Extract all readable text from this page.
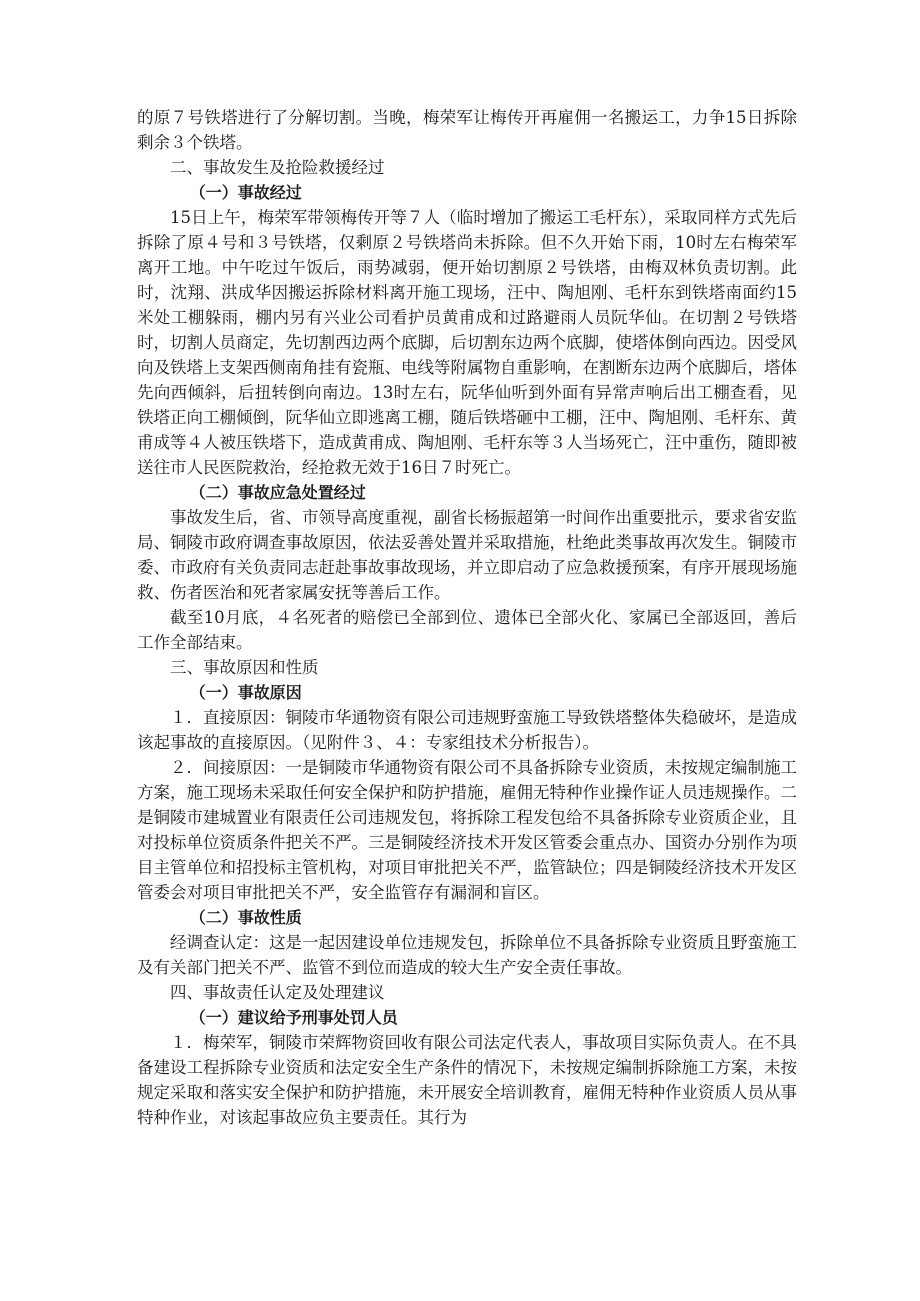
的原７号铁塔进行了分解切割。当晚，梅荣军让梅传开再雇佣一名搬运工，力争15日拆除剩余３个铁塔。

二、事故发生及抢险救援经过

（一）事故经过

15日上午，梅荣军带领梅传开等７人（临时增加了搬运工毛杆东），采取同样方式先后拆除了原４号和３号铁塔，仅剩原２号铁塔尚未拆除。但不久开始下雨，10时左右梅荣军离开工地。中午吃过午饭后，雨势减弱，便开始切割原２号铁塔，由梅双林负责切割。此时，沈翔、洪成华因搬运拆除材料离开施工现场，汪中、陶旭刚、毛杆东到铁塔南面约15米处工棚躲雨，棚内另有兴业公司看护员黄甫成和过路避雨人员阮华仙。在切割２号铁塔时，切割人员商定，先切割西边两个底脚，后切割东边两个底脚，使塔体倒向西边。因受风向及铁塔上支架西侧南角挂有瓷瓶、电线等附属物自重影响，在割断东边两个底脚后，塔体先向西倾斜，后扭转倒向南边。13时左右，阮华仙听到外面有异常声响后出工棚查看，见铁塔正向工棚倾倒，阮华仙立即逃离工棚，随后铁塔砸中工棚，汪中、陶旭刚、毛杆东、黄甫成等４人被压铁塔下，造成黄甫成、陶旭刚、毛杆东等３人当场死亡，汪中重伤，随即被送往市人民医院救治，经抢救无效于16日７时死亡。

（二）事故应急处置经过

事故发生后，省、市领导高度重视，副省长杨振超第一时间作出重要批示，要求省安监局、铜陵市政府调查事故原因，依法妥善处置并采取措施，杜绝此类事故再次发生。铜陵市委、市政府有关负责同志赶赴事故事故现场，并立即启动了应急救援预案，有序开展现场施救、伤者医治和死者家属安抚等善后工作。

截至10月底，４名死者的赔偿已全部到位、遗体已全部火化、家属已全部返回，善后工作全部结束。

三、事故原因和性质

（一）事故原因

１．直接原因：铜陵市华通物资有限公司违规野蛮施工导致铁塔整体失稳破坏，是造成该起事故的直接原因。（见附件３、４：专家组技术分析报告）。

２．间接原因：一是铜陵市华通物资有限公司不具备拆除专业资质，未按规定编制施工方案，施工现场未采取任何安全保护和防护措施，雇佣无特种作业操作证人员违规操作。二是铜陵市建城置业有限责任公司违规发包，将拆除工程发包给不具备拆除专业资质企业，且对投标单位资质条件把关不严。三是铜陵经济技术开发区管委会重点办、国资办分别作为项目主管单位和招投标主管机构，对项目审批把关不严，监管缺位；四是铜陵经济技术开发区管委会对项目审批把关不严，安全监管存有漏洞和盲区。

（二）事故性质

经调查认定：这是一起因建设单位违规发包，拆除单位不具备拆除专业资质且野蛮施工及有关部门把关不严、监管不到位而造成的较大生产安全责任事故。

四、事故责任认定及处理建议

（一）建议给予刑事处罚人员

１．梅荣军，铜陵市荣辉物资回收有限公司法定代表人，事故项目实际负责人。在不具备建设工程拆除专业资质和法定安全生产条件的情况下，未按规定编制拆除施工方案，未按规定采取和落实安全保护和防护措施，未开展安全培训教育，雇佣无特种作业资质人员从事特种作业，对该起事故应负主要责任。其行为
